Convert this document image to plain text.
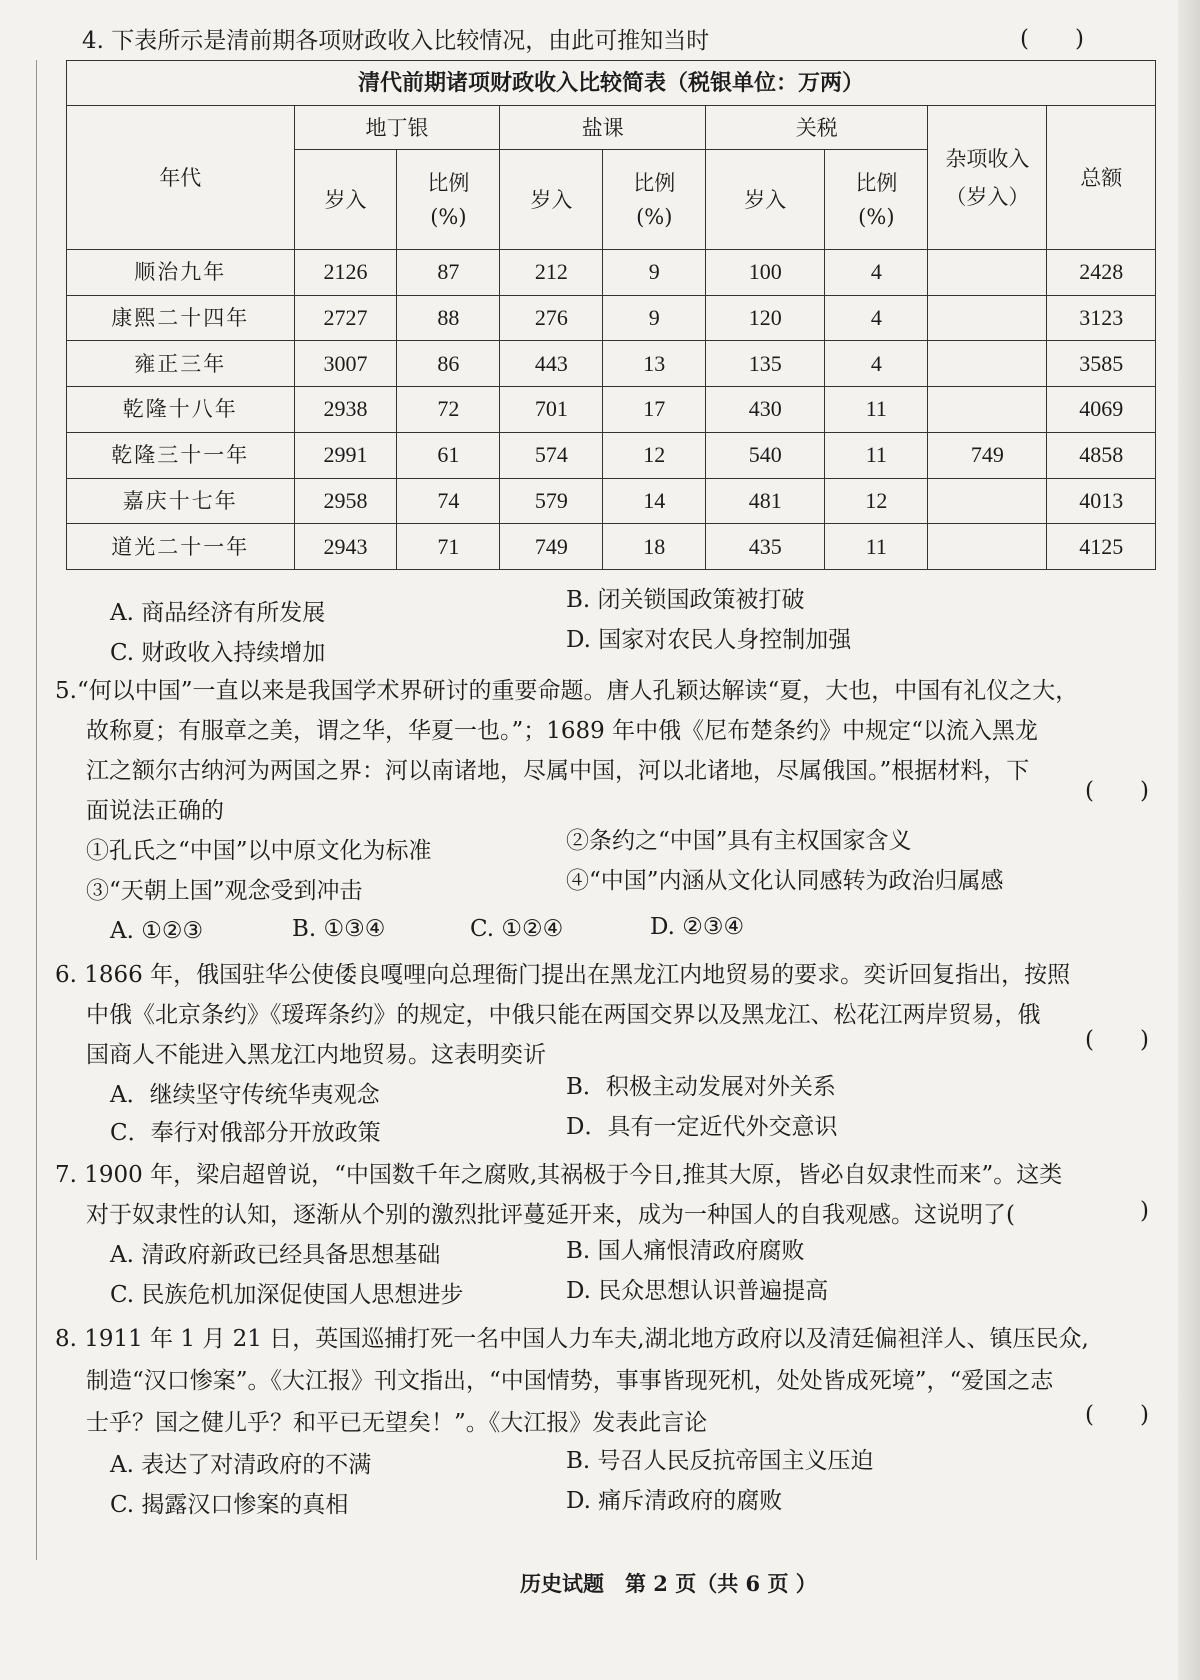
4. 下表所示是清前期各项财政收入比较情况，由此可推知当时	(　　)
清代前期诸项财政收入比较简表（税银单位：万两）								
年代	地丁银		盐课		关税		杂项收入（岁入）	总额
	岁入	比例(%)	岁入	比例(%)	岁入	比例(%)		
顺治九年	2126	87	212	9	100	4		2428
康熙二十四年	2727	88	276	9	120	4		3123
雍正三年	3007	86	443	13	135	4		3585
乾隆十八年	2938	72	701	17	430	11		4069
乾隆三十一年	2991	61	574	12	540	11	749	4858
嘉庆十七年	2958	74	579	14	481	12		4013
道光二十一年	2943	71	749	18	435	11		4125
A. 商品经济有所发展	B. 闭关锁国政策被打破
C. 财政收入持续增加	D. 国家对农民人身控制加强
5.“何以中国”一直以来是我国学术界研讨的重要命题。唐人孔颖达解读“夏，大也，中国有礼仪之大，
故称夏；有服章之美，谓之华，华夏一也。”；1689 年中俄《尼布楚条约》中规定“以流入黑龙
江之额尔古纳河为两国之界：河以南诸地，尽属中国，河以北诸地，尽属俄国。”根据材料，下
面说法正确的
(　　)
①孔氏之“中国”以中原文化为标准	②条约之“中国”具有主权国家含义
③“天朝上国”观念受到冲击	④“中国”内涵从文化认同感转为政治归属感
A. ①②③	B. ①③④	C. ①②④	D. ②③④
6. 1866 年，俄国驻华公使倭良嘎哩向总理衙门提出在黑龙江内地贸易的要求。奕䜣回复指出，按照
中俄《北京条约》《瑷珲条约》的规定，中俄只能在两国交界以及黑龙江、松花江两岸贸易，俄
国商人不能进入黑龙江内地贸易。这表明奕䜣
(　　)
A．继续坚守传统华夷观念	B．积极主动发展对外关系
C．奉行对俄部分开放政策	D．具有一定近代外交意识
7. 1900 年，梁启超曾说，“中国数千年之腐败,其祸极于今日,推其大原，皆必自奴隶性而来”。这类
对于奴隶性的认知，逐渐从个别的激烈批评蔓延开来，成为一种国人的自我观感。这说明了(	)
A. 清政府新政已经具备思想基础	B. 国人痛恨清政府腐败
C. 民族危机加深促使国人思想进步	D. 民众思想认识普遍提高
8. 1911 年 1 月 21 日，英国巡捕打死一名中国人力车夫,湖北地方政府以及清廷偏袒洋人、镇压民众,
制造“汉口惨案”。《大江报》刊文指出，“中国情势，事事皆现死机，处处皆成死境”，“爱国之志
士乎？国之健儿乎？和平已无望矣！”。《大江报》发表此言论	(　　)
A. 表达了对清政府的不满	B. 号召人民反抗帝国主义压迫
C. 揭露汉口惨案的真相	D. 痛斥清政府的腐败
历史试题　第 2 页（共 6 页 ）
